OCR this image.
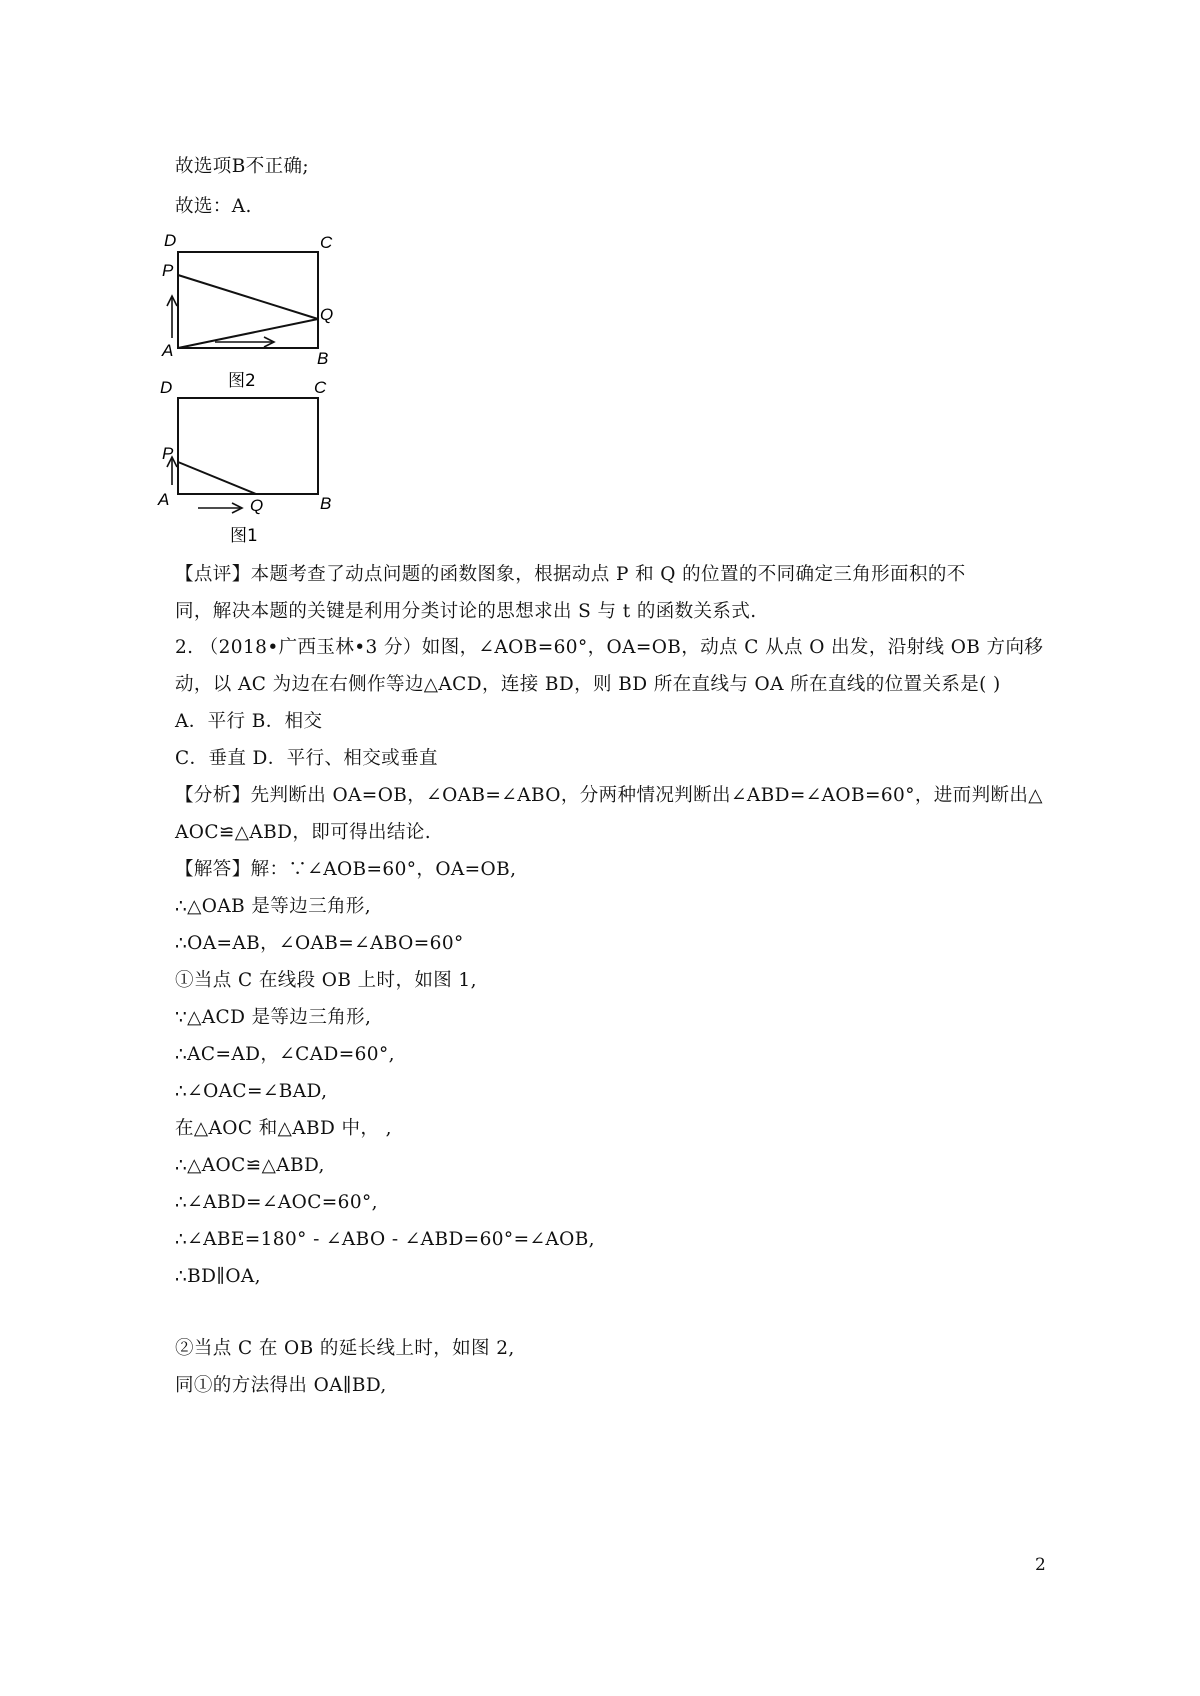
故选项B不正确;
故选：A.
D	C
P
Q
A	B
图2
D	C
P
Q
A	B
图1
【点评】本题考查了动点问题的函数图象，根据动点 P 和 Q 的位置的不同确定三角形面积的不
同，解决本题的关键是利用分类讨论的思想求出 S 与 t 的函数关系式.
2. （2018•广西玉林•3 分）如图，∠AOB=60°，OA=OB，动点 C 从点 O 出发，沿射线 OB 方向移
动，以 AC 为边在右侧作等边△ACD，连接 BD，则 BD 所在直线与 OA 所在直线的位置关系是( )
A．平行 B．相交
C．垂直 D．平行、相交或垂直
【分析】先判断出 OA=OB，∠OAB=∠ABO，分两种情况判断出∠ABD=∠AOB=60°，进而判断出△
AOC≌△ABD，即可得出结论.
【解答】解：∵∠AOB=60°，OA=OB,
∴△OAB 是等边三角形,
∴OA=AB，∠OAB=∠ABO=60°
①当点 C 在线段 OB 上时，如图 1,
∵△ACD 是等边三角形,
∴AC=AD，∠CAD=60°,
∴∠OAC=∠BAD,
在△AOC 和△ABD 中， ,
∴△AOC≌△ABD,
∴∠ABD=∠AOC=60°,
∴∠ABE=180° - ∠ABO - ∠ABD=60°=∠AOB,
∴BD∥OA,
②当点 C 在 OB 的延长线上时，如图 2,
同①的方法得出 OA∥BD,
2
